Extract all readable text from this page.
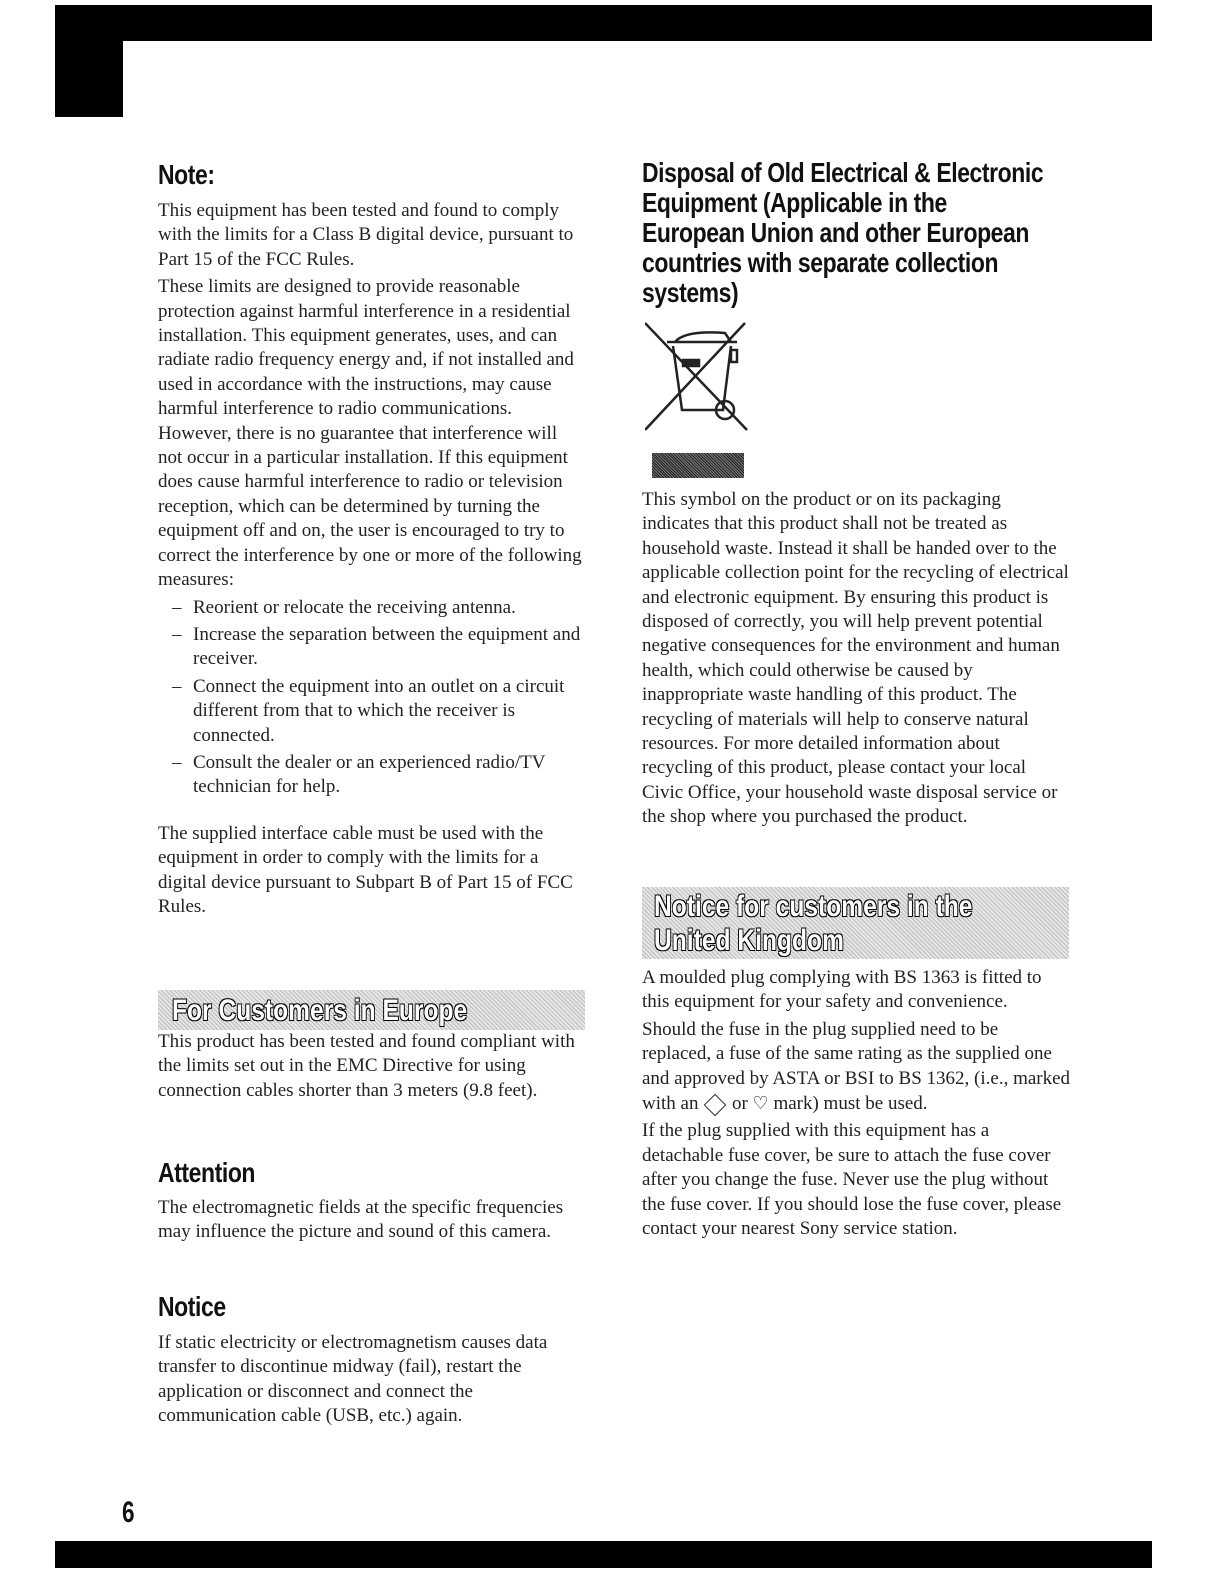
Note:

This equipment has been tested and found to comply with the limits for a Class B digital device, pursuant to Part 15 of the FCC Rules.

These limits are designed to provide reasonable protection against harmful interference in a residential installation. This equipment generates, uses, and can radiate radio frequency energy and, if not installed and used in accordance with the instructions, may cause harmful interference to radio communications. However, there is no guarantee that interference will not occur in a particular installation. If this equipment does cause harmful interference to radio or television reception, which can be determined by turning the equipment off and on, the user is encouraged to try to correct the interference by one or more of the following measures:

– Reorient or relocate the receiving antenna.
– Increase the separation between the equipment and receiver.
– Connect the equipment into an outlet on a circuit different from that to which the receiver is connected.
– Consult the dealer or an experienced radio/TV technician for help.

The supplied interface cable must be used with the equipment in order to comply with the limits for a digital device pursuant to Subpart B of Part 15 of FCC Rules.

For Customers in Europe

This product has been tested and found compliant with the limits set out in the EMC Directive for using connection cables shorter than 3 meters (9.8 feet).

Attention

The electromagnetic fields at the specific frequencies may influence the picture and sound of this camera.

Notice

If static electricity or electromagnetism causes data transfer to discontinue midway (fail), restart the application or disconnect and connect the communication cable (USB, etc.) again.

Disposal of Old Electrical & Electronic
Equipment (Applicable in the
European Union and other European
countries with separate collection
systems)

This symbol on the product or on its packaging indicates that this product shall not be treated as household waste. Instead it shall be handed over to the applicable collection point for the recycling of electrical and electronic equipment. By ensuring this product is disposed of correctly, you will help prevent potential negative consequences for the environment and human health, which could otherwise be caused by inappropriate waste handling of this product. The recycling of materials will help to conserve natural resources. For more detailed information about recycling of this product, please contact your local Civic Office, your household waste disposal service or the shop where you purchased the product.

Notice for customers in the
United Kingdom

A moulded plug complying with BS 1363 is fitted to this equipment for your safety and convenience.

Should the fuse in the plug supplied need to be replaced, a fuse of the same rating as the supplied one and approved by ASTA or BSI to BS 1362, (i.e., marked with an or ♡ mark) must be used.

If the plug supplied with this equipment has a detachable fuse cover, be sure to attach the fuse cover after you change the fuse. Never use the plug without the fuse cover. If you should lose the fuse cover, please contact your nearest Sony service station.

6
